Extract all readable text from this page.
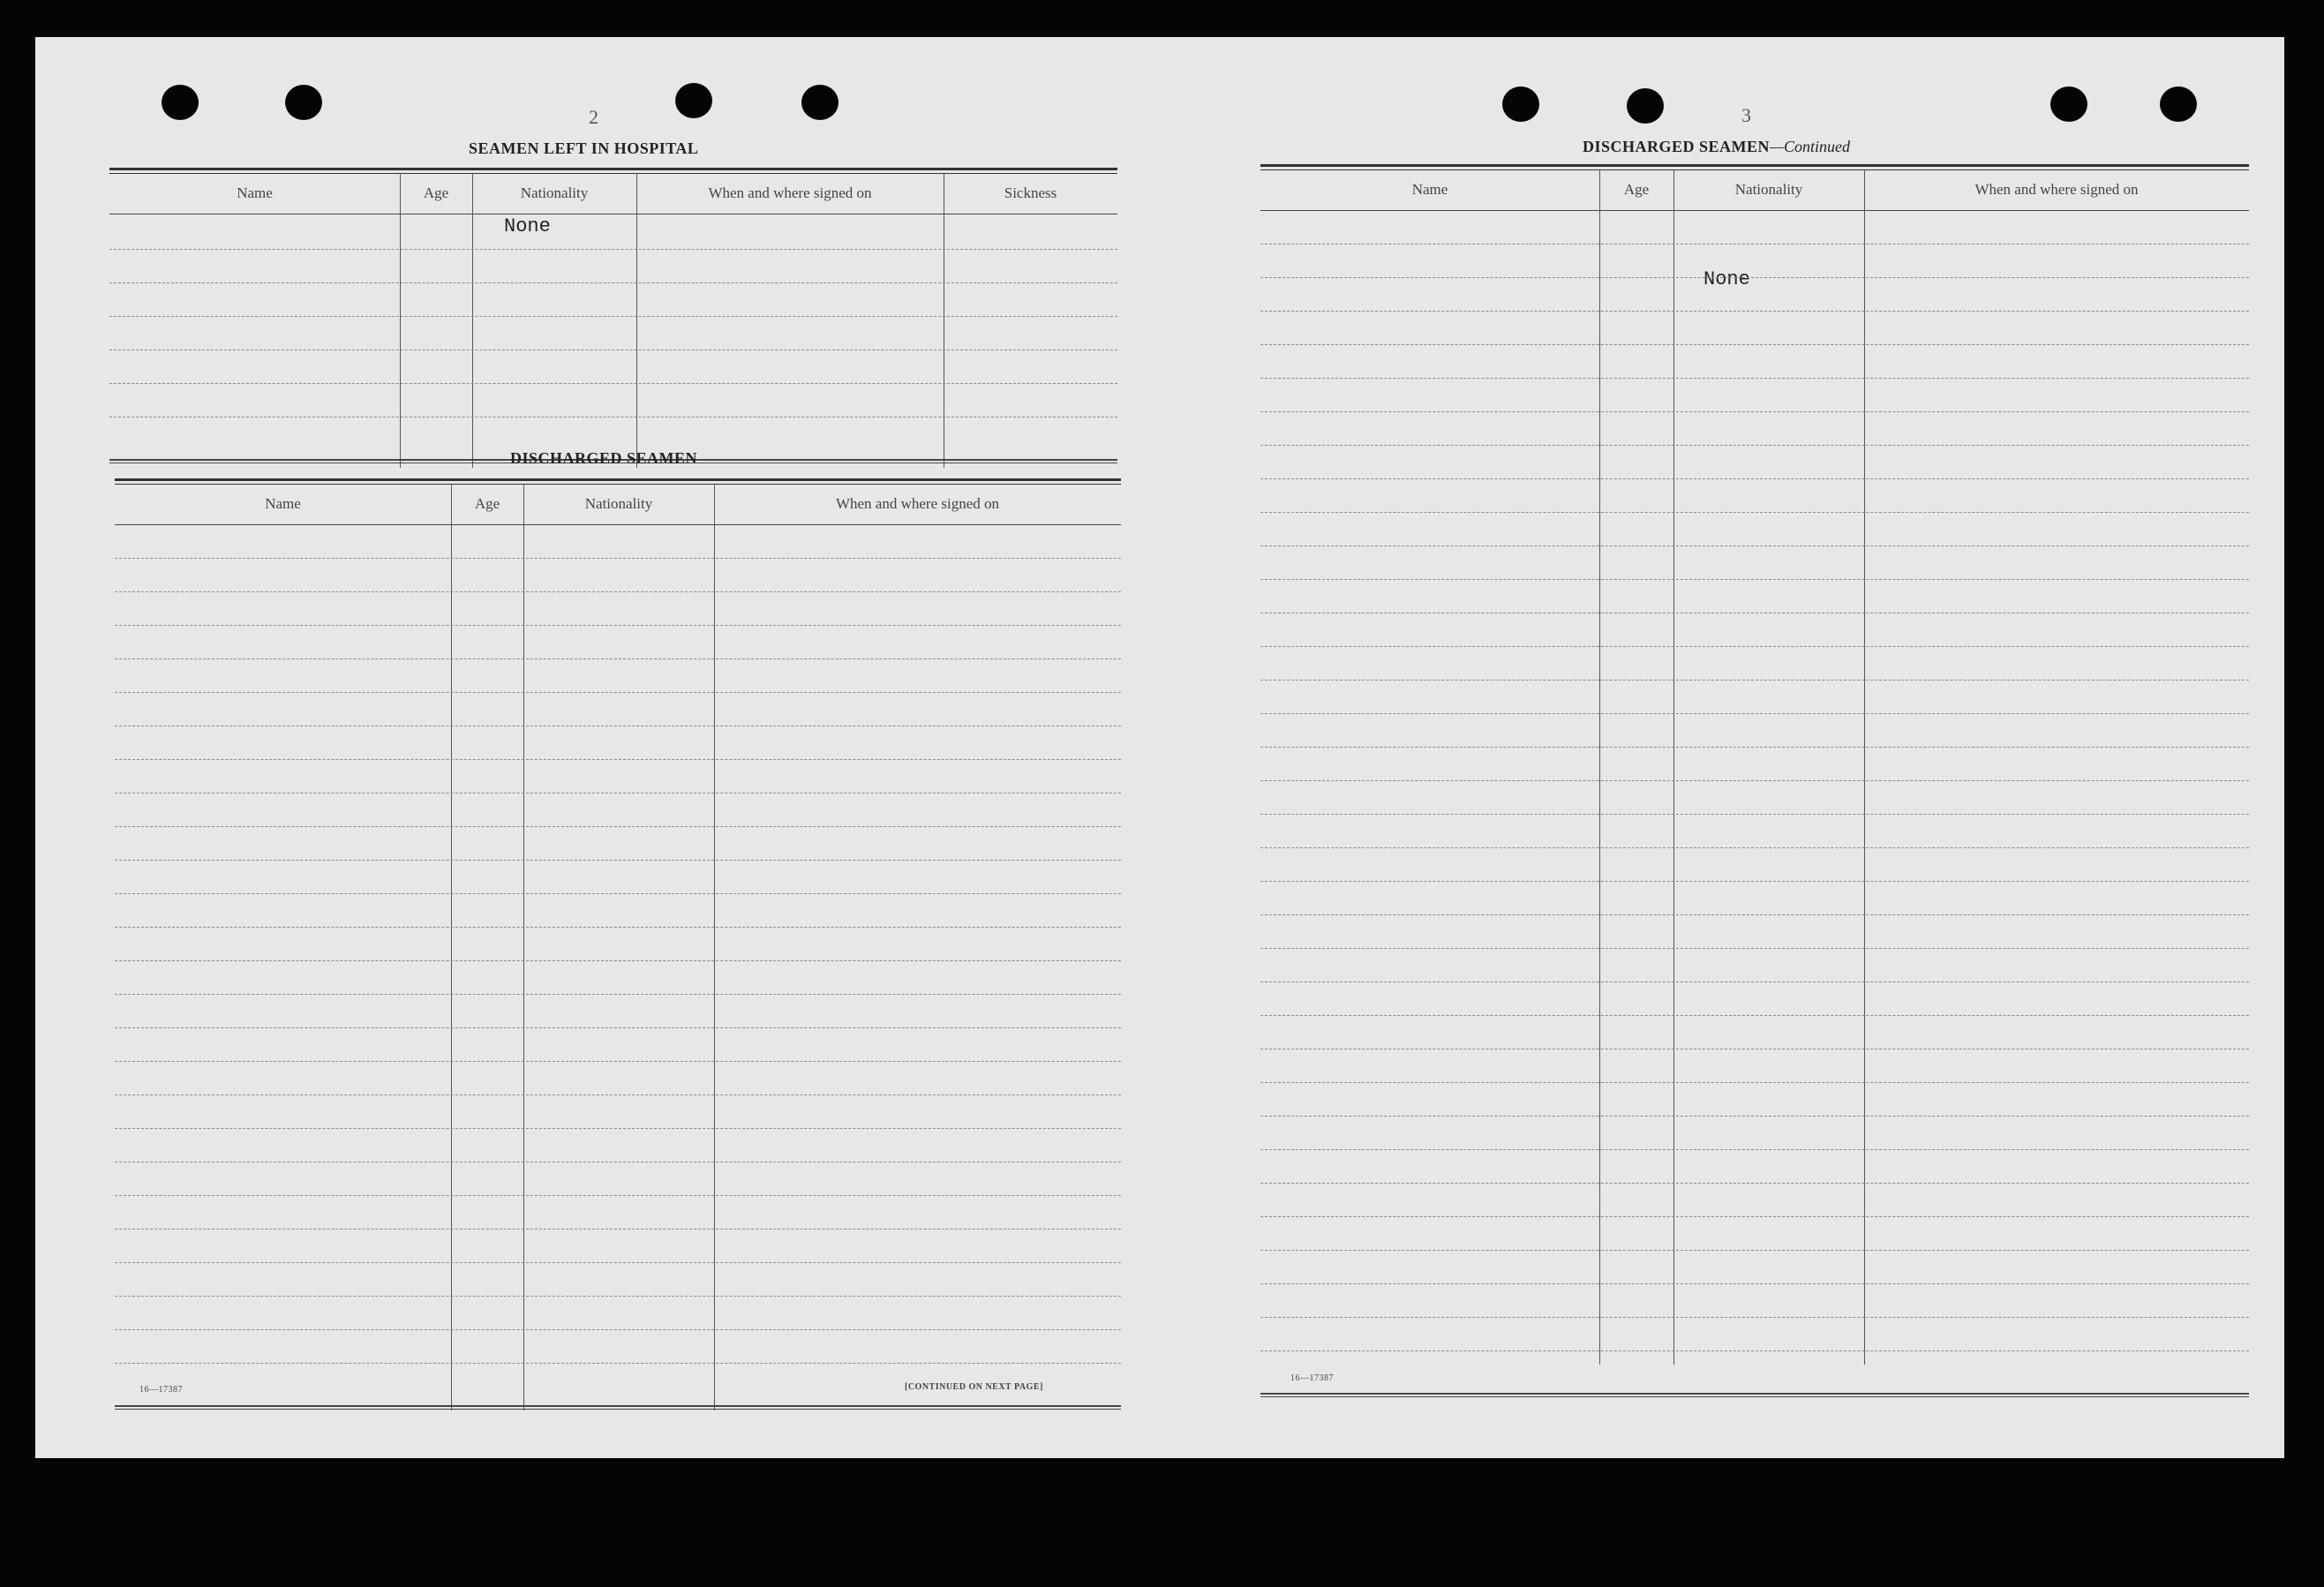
2
SEAMEN LEFT IN HOSPITAL
Name	Age	Nationality	When and where signed on	Sickness
None
DISCHARGED SEAMEN
Name	Age	Nationality	When and where signed on
16—17387	[CONTINUED ON NEXT PAGE]
3
DISCHARGED SEAMEN—Continued
Name	Age	Nationality	When and where signed on
None
16—17387
